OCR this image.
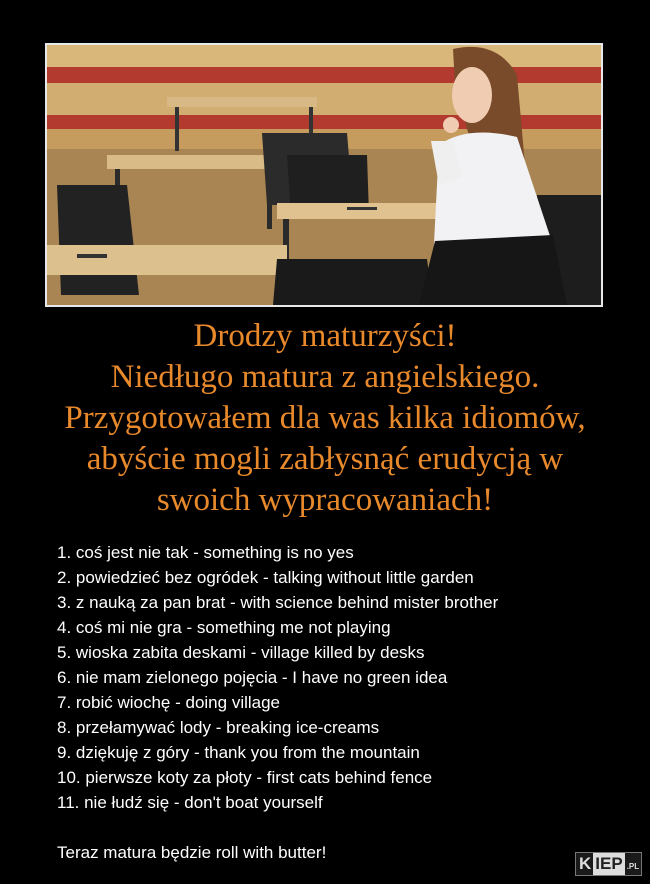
Drodzy maturzyści!
Niedługo matura z angielskiego.
Przygotowałem dla was kilka idiomów,
abyście mogli zabłysnąć erudycją w
swoich wypracowaniach!
1. coś jest nie tak - something is no yes
2. powiedzieć bez ogródek - talking without little garden
3. z nauką za pan brat - with science behind mister brother
4. coś mi nie gra - something me not playing
5. wioska zabita deskami - village killed by desks
6. nie mam zielonego pojęcia - I have no green idea
7. robić wiochę - doing village
8. przełamywać lody - breaking ice-creams
9. dziękuję z góry - thank you from the mountain
10. pierwsze koty za płoty - first cats behind fence
11. nie łudź się - don't boat yourself
Teraz matura będzie roll with butter!
K IEP .PL
